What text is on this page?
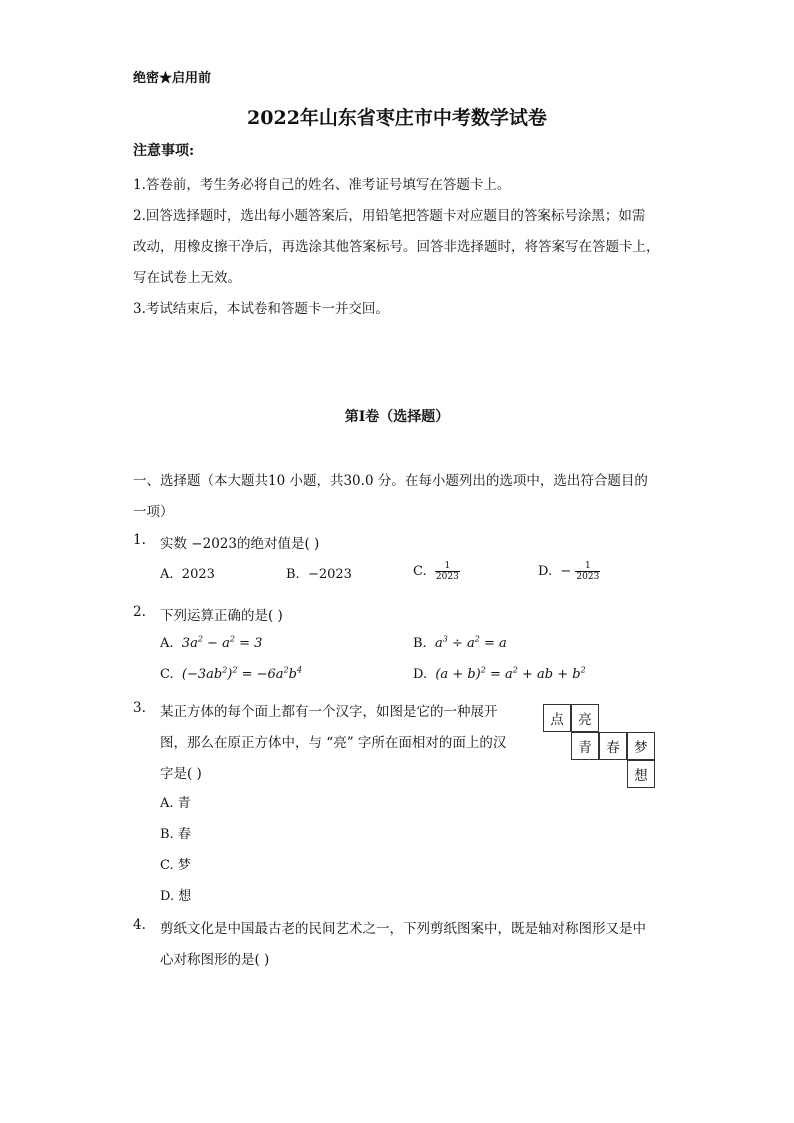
绝密★启用前
2022年山东省枣庄市中考数学试卷
注意事项:
1.答卷前，考生务必将自己的姓名、准考证号填写在答题卡上。
2.回答选择题时，选出每小题答案后，用铅笔把答题卡对应题目的答案标号涂黑；如需
改动，用橡皮擦干净后，再选涂其他答案标号。回答非选择题时，将答案写在答题卡上，
写在试卷上无效。
3.考试结束后，本试卷和答题卡一并交回。
第Ⅰ卷（选择题）
一、选择题（本大题共10 小题，共30.0 分。在每小题列出的选项中，选出符合题目的
一项）
1. 实数 −2023的绝对值是( )
A. 2023	B. −2023	C. $\frac{1}{2023}$	D. − $\frac{1}{2023}$
2. 下列运算正确的是( )
A. $3a^2 - a^2 = 3$	B. $a^3 \div a^2 = a$
C. $(-3ab^2)^2 = -6a^2b^4$	D. $(a + b)^2 = a^2$ + ab + $b^2$
3. 某正方体的每个面上都有一个汉字，如图是它的一种展开
图，那么在原正方体中，与 “亮” 字所在面相对的面上的汉
字是( )
A. 青
B. 春
C. 梦
D. 想
点	亮
青	春	梦
想
4. 剪纸文化是中国最古老的民间艺术之一，下列剪纸图案中，既是轴对称图形又是中
心对称图形的是( )
